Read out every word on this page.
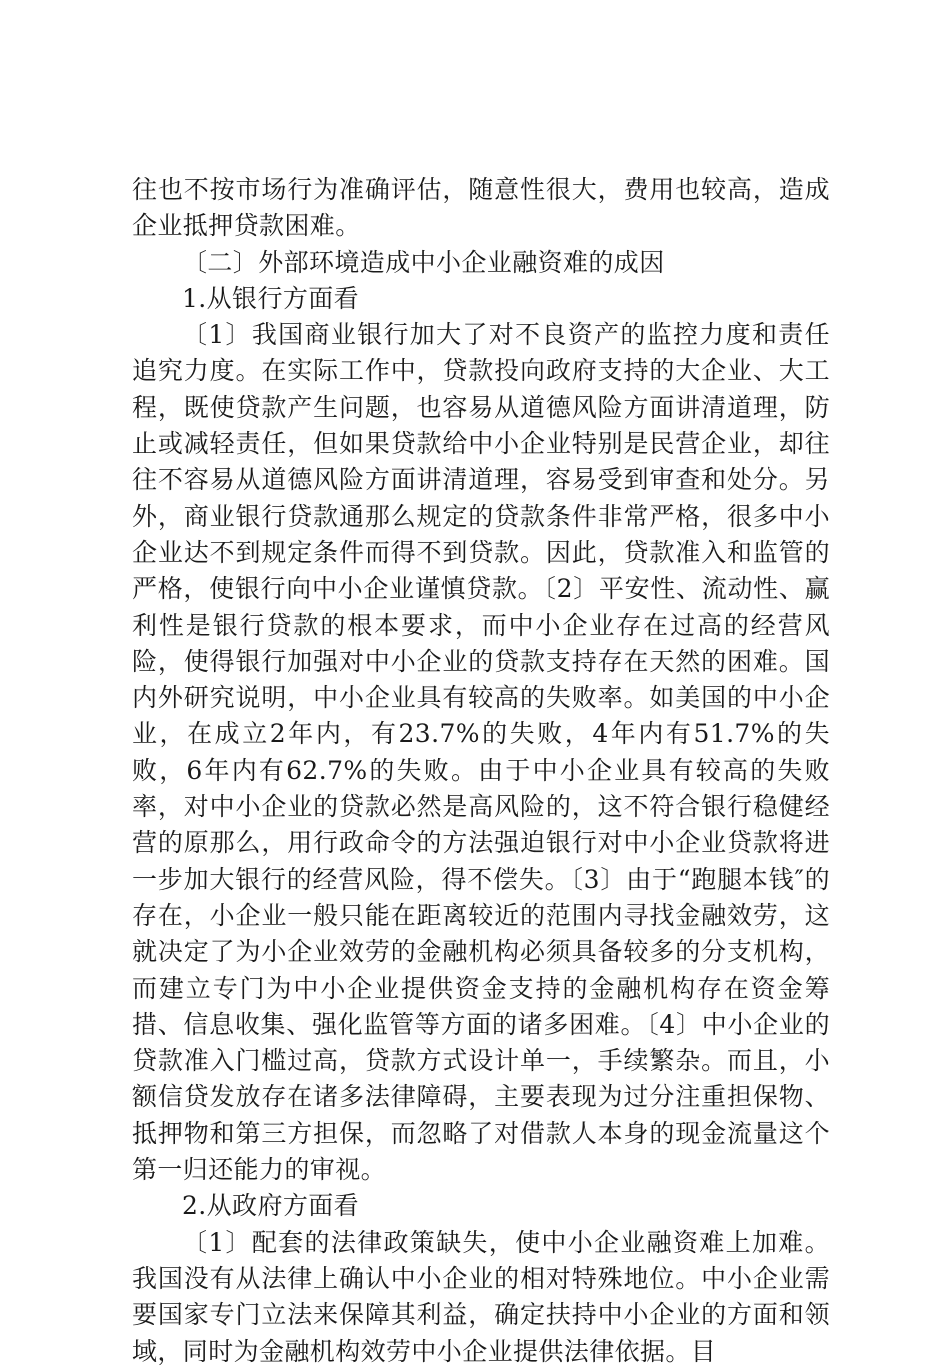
往也不按市场行为准确评估，随意性很大，费用也较高，造成企业抵押贷款困难。

〔二〕外部环境造成中小企业融资难的成因

1.从银行方面看

〔1〕我国商业银行加大了对不良资产的监控力度和责任追究力度。在实际工作中，贷款投向政府支持的大企业、大工程，既使贷款产生问题，也容易从道德风险方面讲清道理，防止或减轻责任，但如果贷款给中小企业特别是民营企业，却往往不容易从道德风险方面讲清道理，容易受到审查和处分。另外，商业银行贷款通那么规定的贷款条件非常严格，很多中小企业达不到规定条件而得不到贷款。因此，贷款准入和监管的严格，使银行向中小企业谨慎贷款。〔2〕平安性、流动性、赢利性是银行贷款的根本要求，而中小企业存在过高的经营风险，使得银行加强对中小企业的贷款支持存在天然的困难。国内外研究说明，中小企业具有较高的失败率。如美国的中小企业，在成立2年内，有23.7%的失败，4年内有51.7%的失败，6年内有62.7%的失败。由于中小企业具有较高的失败率，对中小企业的贷款必然是高风险的，这不符合银行稳健经营的原那么，用行政命令的方法强迫银行对中小企业贷款将进一步加大银行的经营风险，得不偿失。〔3〕由于“跑腿本钱″的存在，小企业一般只能在距离较近的范围内寻找金融效劳，这就决定了为小企业效劳的金融机构必须具备较多的分支机构，而建立专门为中小企业提供资金支持的金融机构存在资金筹措、信息收集、强化监管等方面的诸多困难。〔4〕中小企业的贷款准入门槛过高，贷款方式设计单一，手续繁杂。而且，小额信贷发放存在诸多法律障碍，主要表现为过分注重担保物、抵押物和第三方担保，而忽略了对借款人本身的现金流量这个第一归还能力的审视。

2.从政府方面看

〔1〕配套的法律政策缺失，使中小企业融资难上加难。我国没有从法律上确认中小企业的相对特殊地位。中小企业需要国家专门立法来保障其利益，确定扶持中小企业的方面和领域，同时为金融机构效劳中小企业提供法律依据。目
